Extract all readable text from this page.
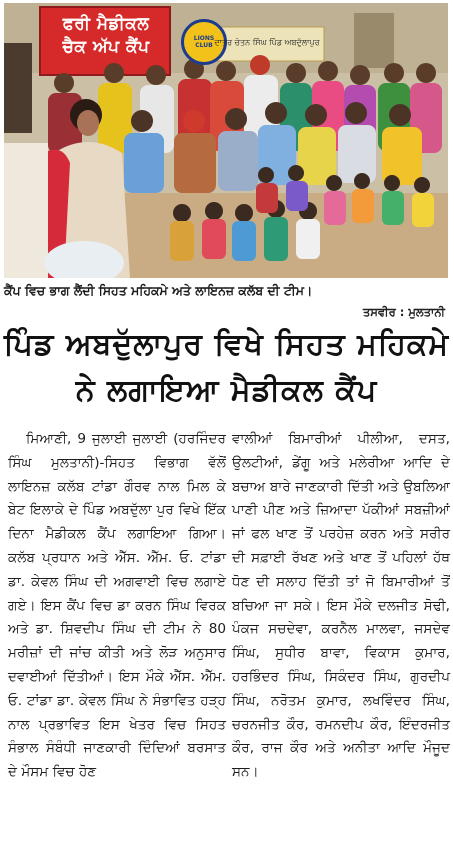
ਫਰੀ ਮੈਡੀਕਲ ਚੈਕ ਅੱਪ ਕੈਂਪ	LIONS CLUB ਦਾਤਰ ਚੇਤਨ ਸਿੰਘ ਪਿੰਡ ਅਬਦੁੱਲਾਪੁਰ
ਕੈਂਪ ਵਿਚ ਭਾਗ ਲੈਂਦੀ ਸਿਹਤ ਮਹਿਕਮੇ ਅਤੇ ਲਾਇਨਜ਼ ਕਲੱਬ ਦੀ ਟੀਮ।
ਤਸਵੀਰ : ਮੁਲਤਾਨੀ
ਪਿੰਡ ਅਬਦੁੱਲਾਪੁਰ ਵਿਖੇ ਸਿਹਤ ਮਹਿਕਮੇ
ਨੇ ਲਗਾਇਆ ਮੈਡੀਕਲ ਕੈਂਪ

ਮਿਆਣੀ, 9 ਜੁਲਾਈ ਜੁਲਾਈ (ਹਰਜਿੰਦਰ ਸਿੰਘ ਮੁਲਤਾਨੀ)-ਸਿਹਤ ਵਿਭਾਗ ਵੱਲੋਂ ਲਾਇਨਜ਼ ਕਲੱਬ ਟਾਂਡਾ ਗੌਰਵ ਨਾਲ ਮਿਲ ਕੇ ਬੇਟ ਇਲਾਕੇ ਦੇ ਪਿੰਡ ਅਬਦੁੱਲਾ ਪੁਰ ਵਿਖੇ ਇੱਕ ਦਿਨਾ ਮੈਡੀਕਲ ਕੈਂਪ ਲਗਾਇਆ ਗਿਆ। ਕਲੱਬ ਪ੍ਰਧਾਨ ਅਤੇ ਐੱਸ. ਐੱਮ. ਓ. ਟਾਂਡਾ ਡਾ. ਕੇਵਲ ਸਿੰਘ ਦੀ ਅਗਵਾਈ ਵਿਚ ਲਗਾਏ ਗਏ। ਇਸ ਕੈਂਪ ਵਿਚ ਡਾ ਕਰਨ ਸਿੰਘ ਵਿਰਕ ਅਤੇ ਡਾ. ਸ਼ਿਵਦੀਪ ਸਿੰਘ ਦੀ ਟੀਮ ਨੇ 80 ਮਰੀਜ਼ਾਂ ਦੀ ਜਾਂਚ ਕੀਤੀ ਅਤੇ ਲੋੜ ਅਨੁਸਾਰ ਦਵਾਈਆਂ ਦਿੱਤੀਆਂ। ਇਸ ਮੌਕੇ ਐੱਸ. ਐੱਮ. ਓ. ਟਾਂਡਾ ਡਾ. ਕੇਵਲ ਸਿੰਘ ਨੇ ਸੰਭਾਵਿਤ ਹੜ੍ਹ ਨਾਲ ਪ੍ਰਭਾਵਿਤ ਇਸ ਖੇਤਰ ਵਿਚ ਸਿਹਤ ਸੰਭਾਲ ਸੰਬੰਧੀ ਜਾਣਕਾਰੀ ਦਿੰਦਿਆਂ ਬਰਸਾਤ ਦੇ ਮੌਸਮ ਵਿਚ ਹੋਣ

ਵਾਲੀਆਂ ਬਿਮਾਰੀਆਂ ਪੀਲੀਆ, ਦਸਤ, ਉਲਟੀਆਂ, ਡੇਂਗੂ ਅਤੇ ਮਲੇਰੀਆ ਆਦਿ ਦੇ ਬਚਾਅ ਬਾਰੇ ਜਾਣਕਾਰੀ ਦਿੱਤੀ ਅਤੇ ਉਬਲਿਆ ਪਾਣੀ ਪੀਣ ਅਤੇ ਜ਼ਿਆਦਾ ਪੱਕੀਆਂ ਸਬਜ਼ੀਆਂ ਜਾਂ ਫਲ ਖਾਣ ਤੋਂ ਪਰਹੇਜ਼ ਕਰਨ ਅਤੇ ਸਰੀਰ ਦੀ ਸਫ਼ਾਈ ਰੱਖਣ ਅਤੇ ਖਾਣ ਤੋਂ ਪਹਿਲਾਂ ਹੱਥ ਧੋਣ ਦੀ ਸਲਾਹ ਦਿੱਤੀ ਤਾਂ ਜੋ ਬਿਮਾਰੀਆਂ ਤੋਂ ਬਚਿਆ ਜਾ ਸਕੇ। ਇਸ ਮੌਕੇ ਦਲਜੀਤ ਸੋਢੀ, ਪੰਕਜ ਸਚਦੇਵਾ, ਕਰਨੈਲ ਮਾਲਵਾ, ਜਸਦੇਵ ਸਿੰਘ, ਸੁਧੀਰ ਬਾਵਾ, ਵਿਕਾਸ ਕੁਮਾਰ, ਹਰਭਿੰਦਰ ਸਿੰਘ, ਸਿਕੰਦਰ ਸਿੰਘ, ਗੁਰਦੀਪ ਸਿੰਘ, ਨਰੋਤਮ ਕੁਮਾਰ, ਲਖਵਿੰਦਰ ਸਿੰਘ, ਚਰਨਜੀਤ ਕੌਰ, ਰਮਨਦੀਪ ਕੌਰ, ਇੰਦਰਜੀਤ ਕੌਰ, ਰਾਜ ਕੌਰ ਅਤੇ ਅਨੀਤਾ ਆਦਿ ਮੌਜੂਦ ਸਨ।
